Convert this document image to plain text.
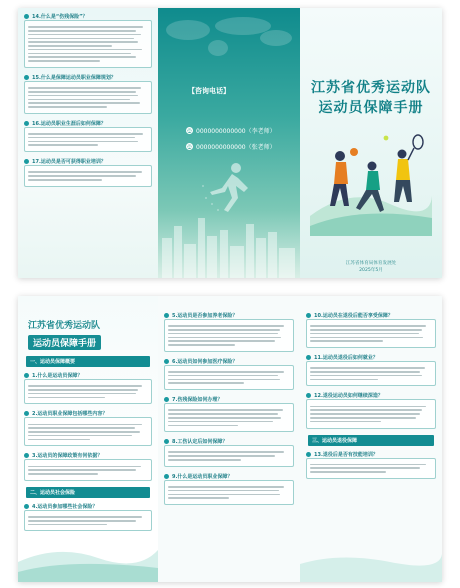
14.什么是“伤残保险”？
15.什么是保障运动员职业保障规划？
16.运动员职业生涯后如何保障？
17.运动员是否可获得职业培训？
【咨询电话】
☎ 0000000000000（李老师）
☎ 0000000000000（张老师）
江苏省优秀运动队
运动员保障手册
江苏省体育局体育发展处
2025年5月
江苏省优秀运动队
运动员保障手册
一、运动员保障概要
1.什么是运动员保障？
2.运动员职业保障包括哪些内容？
3.运动员的保障政策有何依据？
二、运动员社会保险
4.运动员参加哪些社会保险？
5.运动员是否参加养老保险？
6.运动员如何参加医疗保险？
7.伤残保险如何办理？
8.工伤认定后如何保障？
9.什么是运动员职业保障？
10.运动员在退役后能否享受保障？
11.运动员退役后如何就业？
12.退役运动员如何继续深造？
三、运动员退役保障
13.退役后是否有技能培训？
